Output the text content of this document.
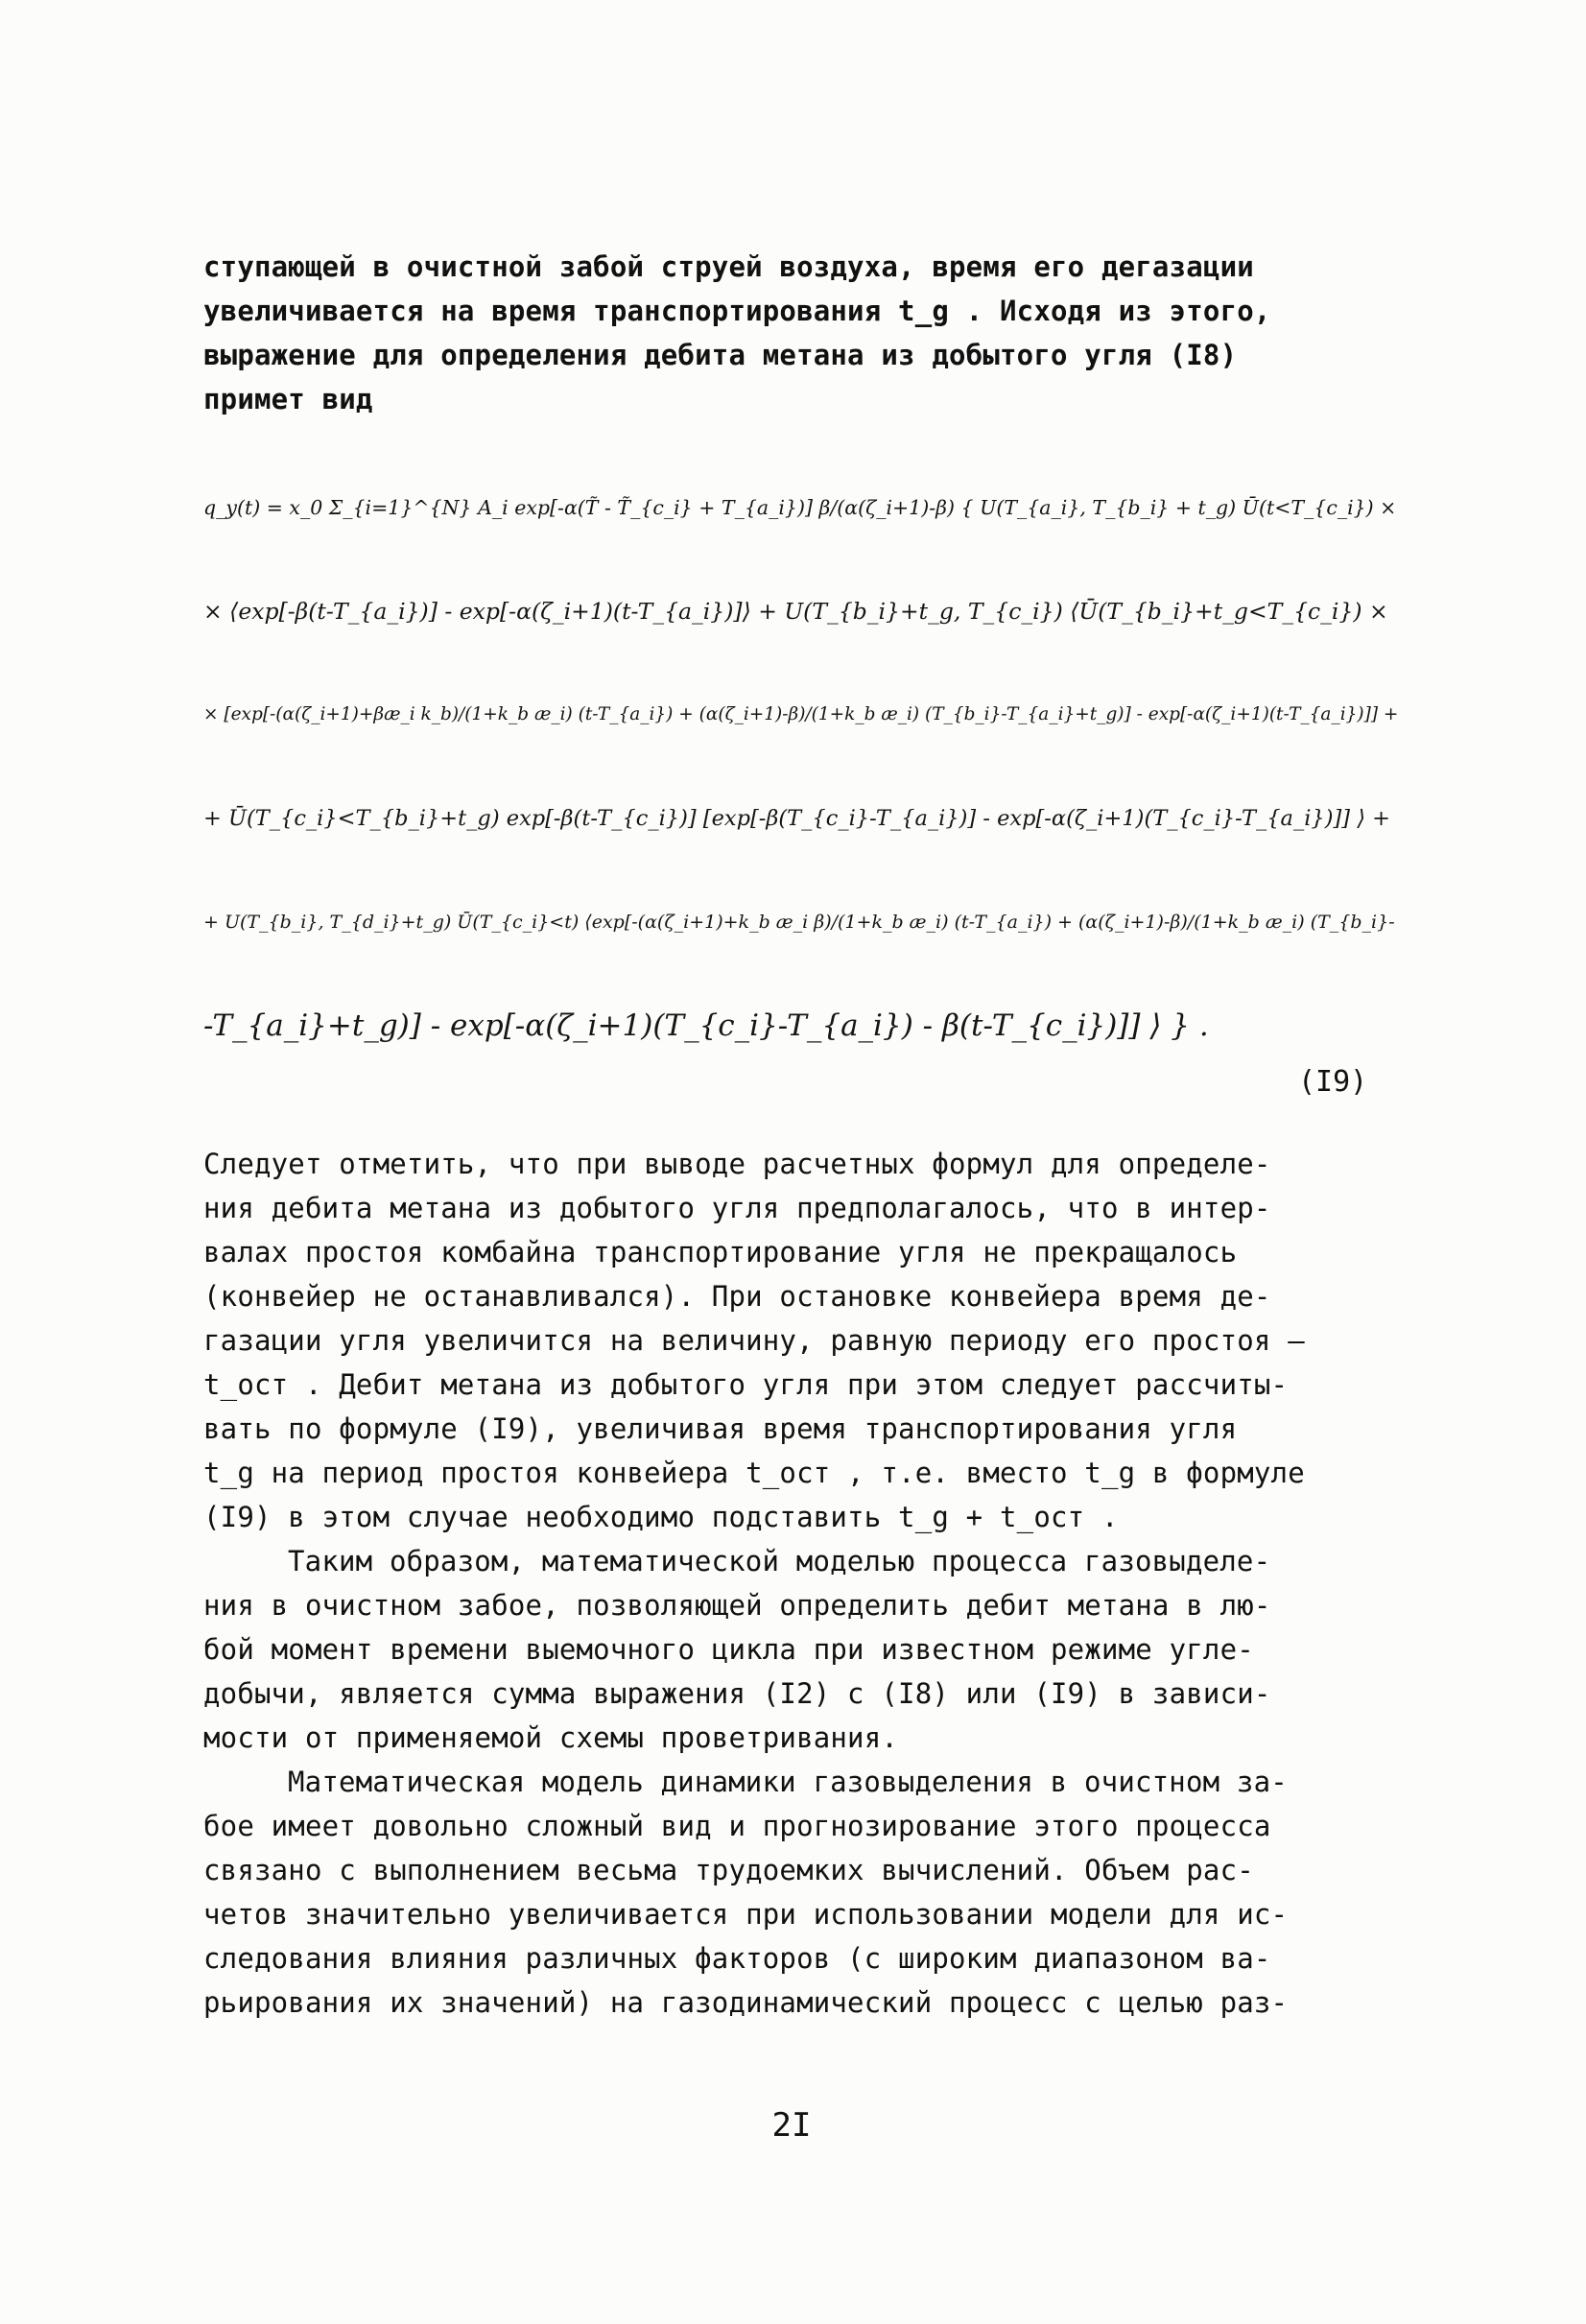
ступающей в очистной забой струей воздуха, время его дегазации
увеличивается на время транспортирования t_g . Исходя из этого,
выражение для определения дебита метана из добытого угля (I8)
примет вид
q_y(t) = x_0 Σ_{i=1}^{N} A_i exp[-α(T̃ - T̃_{c_i} + T_{a_i})] β/(α(ζ_i+1)-β) { U(T_{a_i}, T_{b_i} + t_g) Ū(t<T_{c_i}) ×
× ⟨exp[-β(t-T_{a_i})] - exp[-α(ζ_i+1)(t-T_{a_i})]⟩ + U(T_{b_i}+t_g, T_{c_i}) ⟨Ū(T_{b_i}+t_g<T_{c_i}) ×
× [exp[-(α(ζ_i+1)+βæ_i k_b)/(1+k_b æ_i) (t-T_{a_i}) + (α(ζ_i+1)-β)/(1+k_b æ_i) (T_{b_i}-T_{a_i}+t_g)] - exp[-α(ζ_i+1)(t-T_{a_i})]] +
+ Ū(T_{c_i}<T_{b_i}+t_g) exp[-β(t-T_{c_i})] [exp[-β(T_{c_i}-T_{a_i})] - exp[-α(ζ_i+1)(T_{c_i}-T_{a_i})]] ⟩ +
+ U(T_{b_i}, T_{d_i}+t_g) Ū(T_{c_i}<t) ⟨exp[-(α(ζ_i+1)+k_b æ_i β)/(1+k_b æ_i) (t-T_{a_i}) + (α(ζ_i+1)-β)/(1+k_b æ_i) (T_{b_i}-
-T_{a_i}+t_g)] - exp[-α(ζ_i+1)(T_{c_i}-T_{a_i}) - β(t-T_{c_i})]] ⟩ } .
(I9)
Следует отметить, что при выводе расчетных формул для определе-
ния дебита метана из добытого угля предполагалось, что в интер-
валах простоя комбайна транспортирование угля не прекращалось
(конвейер не останавливался). При остановке конвейера время де-
газации угля увеличится на величину, равную периоду его простоя –
t_ост . Дебит метана из добытого угля при этом следует рассчиты-
вать по формуле (I9), увеличивая время транспортирования угля
t_g на период простоя конвейера t_ост , т.е. вместо t_g в формуле
(I9) в этом случае необходимо подставить t_g + t_ост .
Таким образом, математической моделью процесса газовыделе-
ния в очистном забое, позволяющей определить дебит метана в лю-
бой момент времени выемочного цикла при известном режиме угле-
добычи, является сумма выражения (I2) с (I8) или (I9) в зависи-
мости от применяемой схемы проветривания.
Математическая модель динамики газовыделения в очистном за-
бое имеет довольно сложный вид и прогнозирование этого процесса
связано с выполнением весьма трудоемких вычислений. Объем рас-
четов значительно увеличивается при использовании модели для ис-
следования влияния различных факторов (с широким диапазоном ва-
рьирования их значений) на газодинамический процесс с целью раз-
2I
